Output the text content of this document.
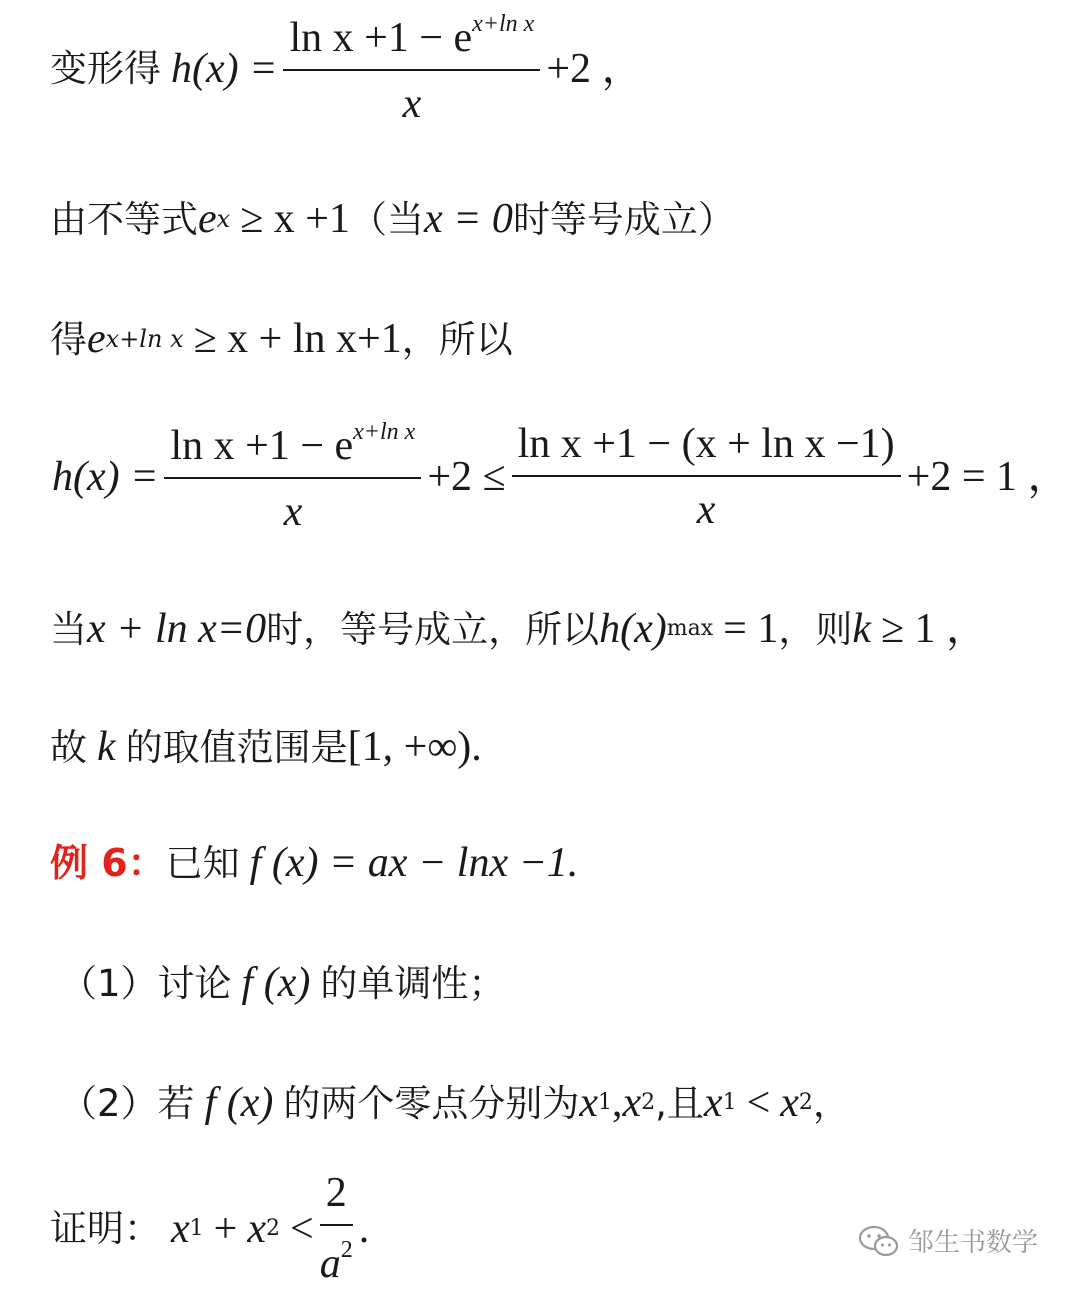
变形得 $h(x) = \frac{\ln x +1 - e^{x+ln x}}{x} +2$ ，
由不等式 e x ≥ x +1 （当 x = 0 时等号成立）
得 e x+ln x ≥ x + ln x+1 ，所以
$h(x) = \frac{\ln x +1 - e^{x+ln x}}{x} +2 \le \frac{\text{ln x +1 − (x + ln x −1)}}{x} +2 = 1$ ，
当 x + ln x=0 时，等号成立，所以 h(x) max = 1 ，则 k ≥ 1 ，
故 k 的取值范围是 [1, +∞).
例 6： 已知 f (x) = ax − lnx −1.
（1）讨论 f (x) 的单调性；
（2）若 f (x) 的两个零点分别为 x 1 , x 2 ,且 x 1 < x 2 ，
证明： x 1 + x $2 < \frac{2}{a^2}$ .	邹生书数学
